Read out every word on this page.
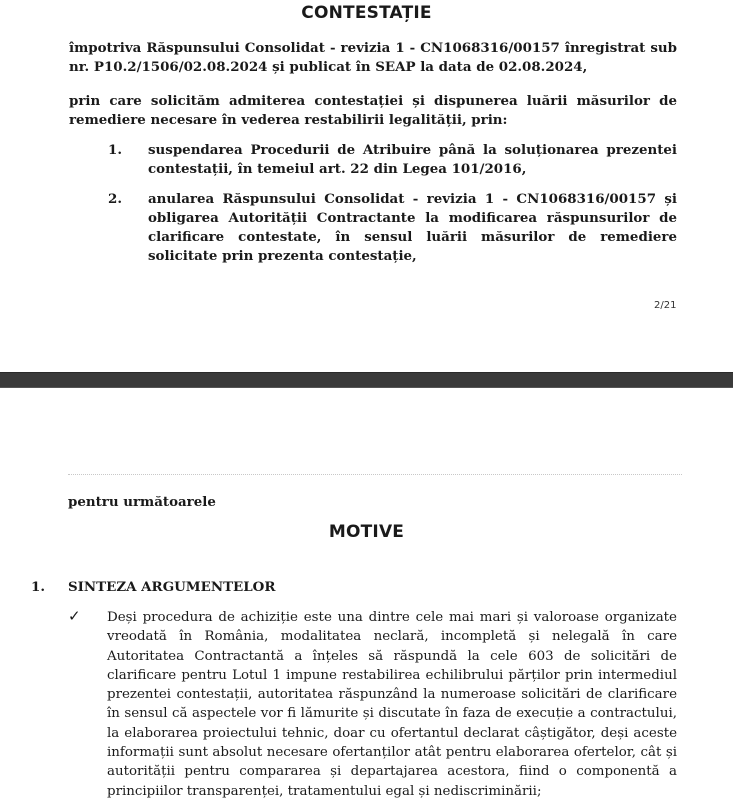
CONTESTAȚIE
împotriva Răspunsului Consolidat - revizia 1 - CN1068316/00157 înregistrat sub nr. P10.2/1506/02.08.2024 și publicat în SEAP la data de 02.08.2024,
prin care solicităm admiterea contestației și dispunerea luării măsurilor de remediere necesare în vederea restabilirii legalității, prin:
1. suspendarea Procedurii de Atribuire până la soluționarea prezentei contestații, în temeiul art. 22 din Legea 101/2016,
2. anularea Răspunsului Consolidat - revizia 1 - CN1068316/00157 și obligarea Autorității Contractante la modificarea răspunsurilor de clarificare contestate, în sensul luării măsurilor de remediere solicitate prin prezenta contestație,
2/21
pentru următoarele
MOTIVE
1. SINTEZA ARGUMENTELOR
✓ Deși procedura de achiziție este una dintre cele mai mari și valoroase organizate vreodată în România, modalitatea neclară, incompletă și nelegală în care Autoritatea Contractantă a înțeles să răspundă la cele 603 de solicitări de clarificare pentru Lotul 1 impune restabilirea echilibrului părților prin intermediul prezentei contestații, autoritatea răspunzând la numeroase solicitări de clarificare în sensul că aspectele vor fi lămurite și discutate în faza de execuție a contractului, la elaborarea proiectului tehnic, doar cu ofertantul declarat câștigător, deși aceste informații sunt absolut necesare ofertanților atât pentru elaborarea ofertelor, cât și autorității pentru compararea și departajarea acestora, fiind o componentă a principiilor transparenței, tratamentului egal și nediscriminării;
